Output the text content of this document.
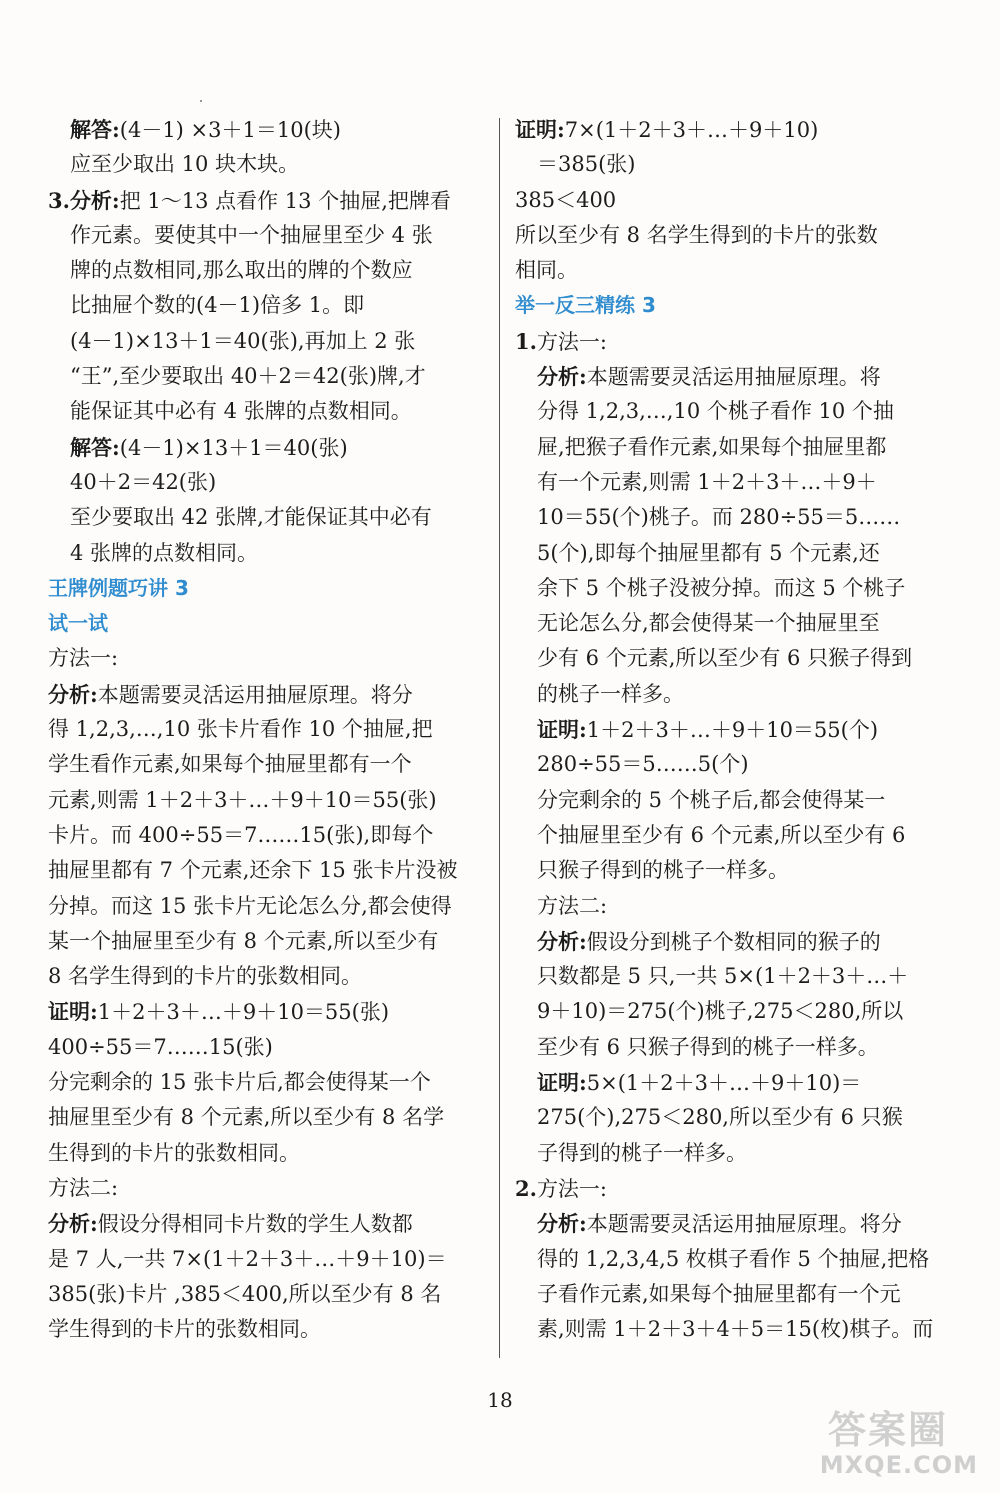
解答:(4－1) ×3＋1＝10(块)
应至少取出 10 块木块。
3.分析:把 1～13 点看作 13 个抽屉,把牌看
作元素。要使其中一个抽屉里至少 4 张
牌的点数相同,那么取出的牌的个数应
比抽屉个数的(4－1)倍多 1。即
(4－1)×13＋1＝40(张),再加上 2 张
“王”,至少要取出 40＋2＝42(张)牌,才
能保证其中必有 4 张牌的点数相同。
解答:(4－1)×13＋1＝40(张)
40＋2＝42(张)
至少要取出 42 张牌,才能保证其中必有
4 张牌的点数相同。
王牌例题巧讲 3
试一试
方法一:
分析:本题需要灵活运用抽屉原理。将分
得 1,2,3,…,10 张卡片看作 10 个抽屉,把
学生看作元素,如果每个抽屉里都有一个
元素,则需 1＋2＋3＋…＋9＋10＝55(张)
卡片。而 400÷55＝7……15(张),即每个
抽屉里都有 7 个元素,还余下 15 张卡片没被
分掉。而这 15 张卡片无论怎么分,都会使得
某一个抽屉里至少有 8 个元素,所以至少有
8 名学生得到的卡片的张数相同。
证明:1＋2＋3＋…＋9＋10＝55(张)
400÷55＝7……15(张)
分完剩余的 15 张卡片后,都会使得某一个
抽屉里至少有 8 个元素,所以至少有 8 名学
生得到的卡片的张数相同。
方法二:
分析:假设分得相同卡片数的学生人数都
是 7 人,一共 7×(1＋2＋3＋…＋9＋10)＝
385(张)卡片 ,385＜400,所以至少有 8 名
学生得到的卡片的张数相同。
证明:7×(1＋2＋3＋…＋9＋10)
＝385(张)
385＜400
所以至少有 8 名学生得到的卡片的张数
相同。
举一反三精练 3
1.方法一:
分析:本题需要灵活运用抽屉原理。将
分得 1,2,3,…,10 个桃子看作 10 个抽
屉,把猴子看作元素,如果每个抽屉里都
有一个元素,则需 1＋2＋3＋…＋9＋
10＝55(个)桃子。而 280÷55＝5……
5(个),即每个抽屉里都有 5 个元素,还
余下 5 个桃子没被分掉。而这 5 个桃子
无论怎么分,都会使得某一个抽屉里至
少有 6 个元素,所以至少有 6 只猴子得到
的桃子一样多。
证明:1＋2＋3＋…＋9＋10＝55(个)
280÷55＝5……5(个)
分完剩余的 5 个桃子后,都会使得某一
个抽屉里至少有 6 个元素,所以至少有 6
只猴子得到的桃子一样多。
方法二:
分析:假设分到桃子个数相同的猴子的
只数都是 5 只,一共 5×(1＋2＋3＋…＋
9＋10)＝275(个)桃子,275＜280,所以
至少有 6 只猴子得到的桃子一样多。
证明:5×(1＋2＋3＋…＋9＋10)＝
275(个),275＜280,所以至少有 6 只猴
子得到的桃子一样多。
2.方法一:
分析:本题需要灵活运用抽屉原理。将分
得的 1,2,3,4,5 枚棋子看作 5 个抽屉,把格
子看作元素,如果每个抽屉里都有一个元
素,则需 1＋2＋3＋4＋5＝15(枚)棋子。而
18
答案圈
MXQE.COM
